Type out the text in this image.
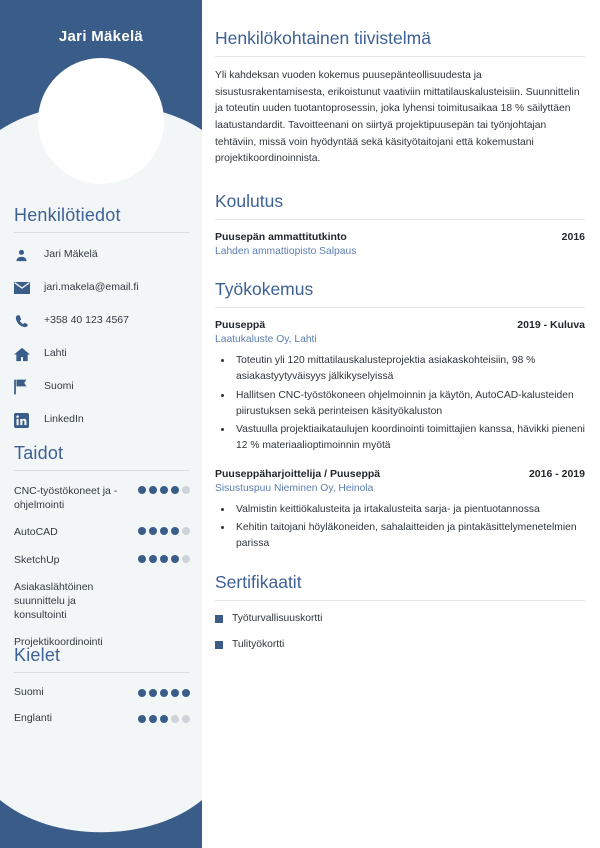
Jari Mäkelä
Henkilötiedot
Jari Mäkelä
jari.makela@email.fi
+358 40 123 4567
Lahti
Suomi
LinkedIn
Taidot
CNC-työstökoneet ja -ohjelmointi
AutoCAD
SketchUp
Asiakaslähtöinen suunnittelu ja konsultointi
Projektikoordinointi
Kielet
Suomi
Englanti
Henkilökohtainen tiivistelmä

Yli kahdeksan vuoden kokemus puusepänteollisuudesta ja sisustusrakentamisesta, erikoistunut vaativiin mittatilauskalusteisiin. Suunnittelin ja toteutin uuden tuotantoprosessin, joka lyhensi toimitusaikaa 18 % säilyttäen laatustandardit. Tavoitteenani on siirtyä projektipuusepän tai työnjohtajan tehtäviin, missä voin hyödyntää sekä käsityötaitojani että kokemustani projektikoordinoinnista.

Koulutus
Puusepän ammattitutkinto	2016
Lahden ammattiopisto Salpaus
Työkokemus
Puuseppä	2019 - Kuluva
Laatukaluste Oy, Lahti
• Toteutin yli 120 mittatilauskalusteprojektia asiakaskohteisiin, 98 % asiakastyytyväisyys jälkikyselyissä
• Hallitsen CNC-työstökoneen ohjelmoinnin ja käytön, AutoCAD-kalusteiden piirustuksen sekä perinteisen käsityökaluston
• Vastuulla projektiaikataulujen koordinointi toimittajien kanssa, hävikki pieneni 12 % materiaalioptimoinnin myötä
Puuseppäharjoittelija / Puuseppä	2016 - 2019
Sisustuspuu Nieminen Oy, Heinola
• Valmistin keittiökalusteita ja irtakalusteita sarja- ja pientuotannossa
• Kehitin taitojani höyläkoneiden, sahalaitteiden ja pintakäsittelymenetelmien parissa
Sertifikaatit
Työturvallisuuskortti
Tulityökortti
